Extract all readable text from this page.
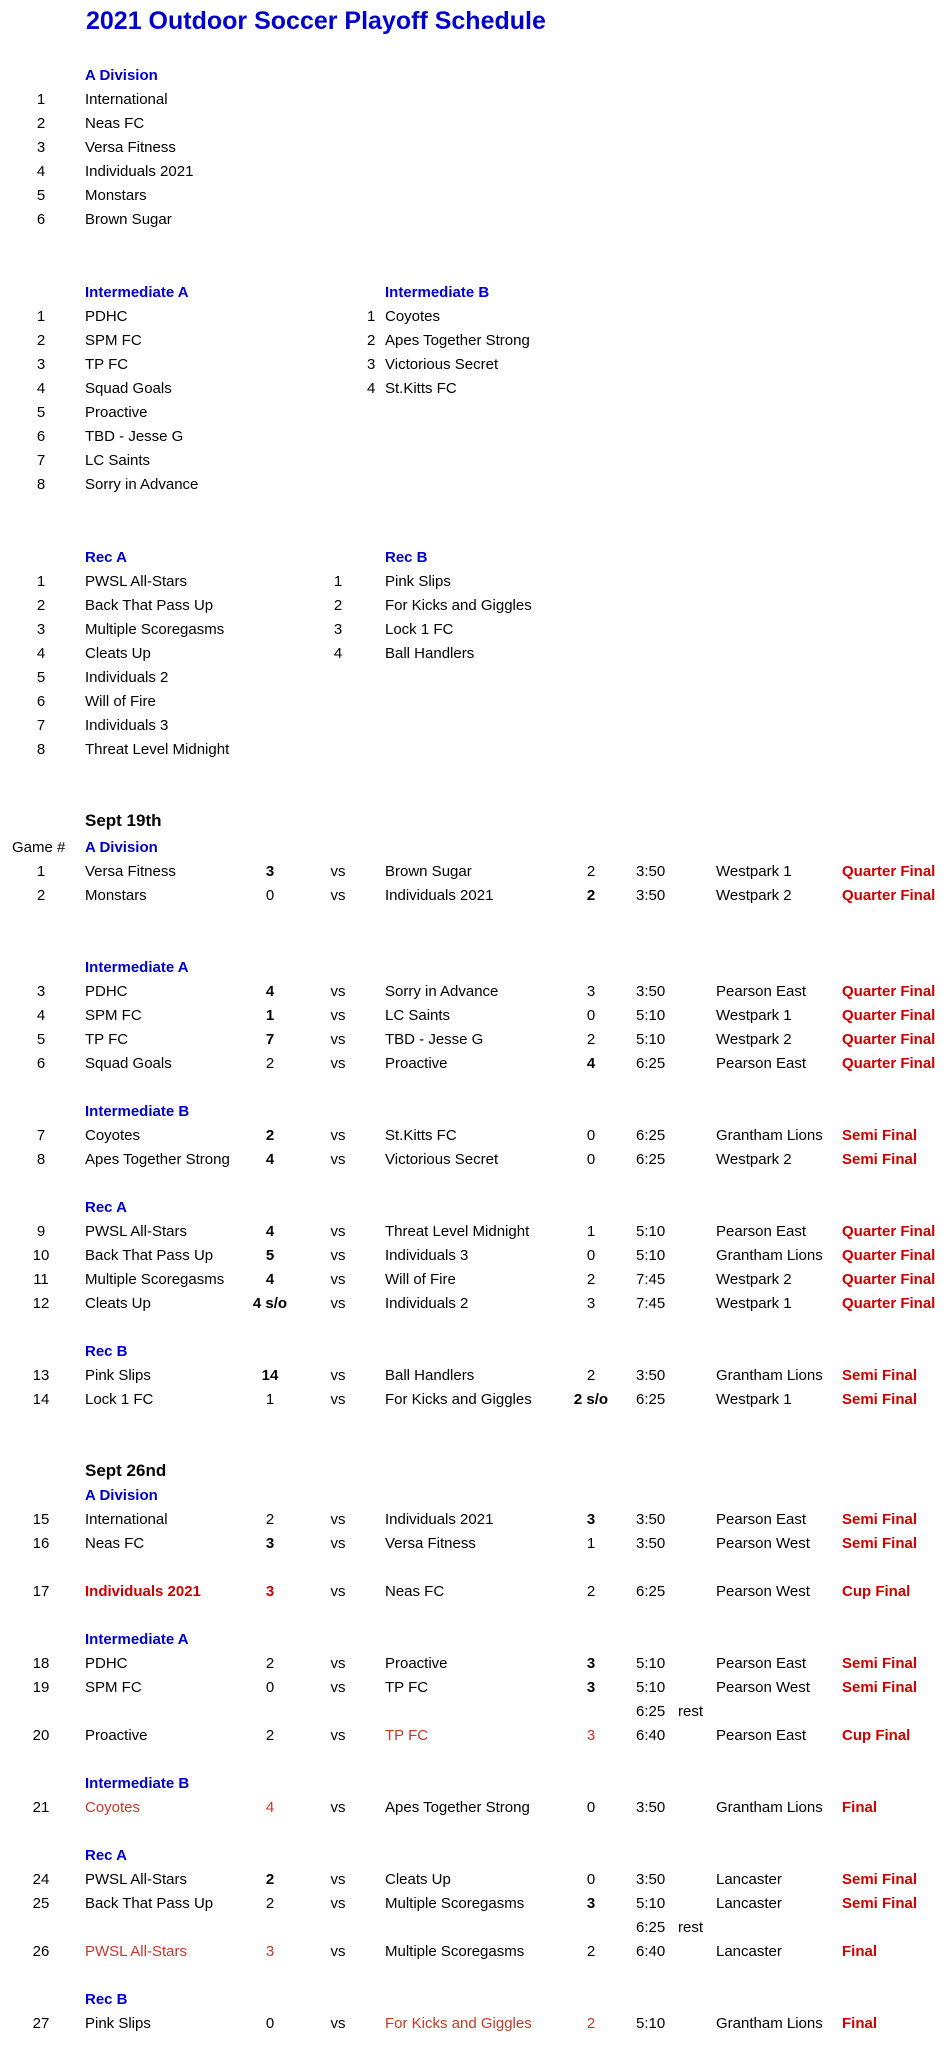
2021 Outdoor Soccer Playoff Schedule
A Division
1	International
2	Neas FC
3	Versa Fitness
4	Individuals 2021
5	Monstars
6	Brown Sugar
Intermediate A
1	PDHC
2	SPM FC
3	TP FC
4	Squad Goals
5	Proactive
6	TBD - Jesse G
7	LC Saints
8	Sorry in Advance
Intermediate B
1 Coyotes
2 Apes Together Strong
3 Victorious Secret
4 St.Kitts FC
Rec A
1	PWSL All-Stars
2	Back That Pass Up
3	Multiple Scoregasms
4	Cleats Up
5	Individuals 2
6	Will of Fire
7	Individuals 3
8	Threat Level Midnight
Rec B
1	Pink Slips
2	For Kicks and Giggles
3	Lock 1 FC
4	Ball Handlers
Sept 19th
Game # A Division
1	Versa Fitness	3	vs	Brown Sugar	2	3:50	Westpark 1	Quarter Final
2	Monstars	0	vs	Individuals 2021	2	3:50	Westpark 2	Quarter Final
Intermediate A
3	PDHC	4	vs	Sorry in Advance	3	3:50	Pearson East Quarter Final
4	SPM FC	1	vs	LC Saints	0	5:10	Westpark 1	Quarter Final
5	TP FC	7	vs	TBD - Jesse G	2	5:10	Westpark 2	Quarter Final
6	Squad Goals	2	vs	Proactive	4	6:25	Pearson East Quarter Final
Intermediate B
7	Coyotes	2	vs	St.Kitts FC	0	6:25	Grantham Lions Semi Final
8	Apes Together Strong	4	vs	Victorious Secret	0	6:25	Westpark 2	Semi Final
Rec A
9	PWSL All-Stars	4	vs	Threat Level Midnight	1	5:10	Pearson East Quarter Final
10	Back That Pass Up	5	vs	Individuals 3	0	5:10	Grantham Lions Quarter Final
11	Multiple Scoregasms	4	vs	Will of Fire	2	7:45	Westpark 2	Quarter Final
12	Cleats Up	4 s/o	vs	Individuals 2	3	7:45	Westpark 1	Quarter Final
Rec B
13	Pink Slips	14	vs	Ball Handlers	2	3:50	Grantham Lions Semi Final
14	Lock 1 FC	1	vs	For Kicks and Giggles	2 s/o	6:25	Westpark 1	Semi Final
Sept 26nd
A Division
15	International	2	vs	Individuals 2021	3	3:50	Pearson East Semi Final
16	Neas FC	3	vs	Versa Fitness	1	3:50	Pearson West Semi Final
17	Individuals 2021	3	vs	Neas FC	2	6:25	Pearson West Cup Final
Intermediate A
18	PDHC	2	vs	Proactive	3	5:10	Pearson East Semi Final
19	SPM FC	0	vs	TP FC	3	5:10	Pearson West Semi Final
6:25 rest
20	Proactive	2	vs	TP FC	3	6:40	Pearson East Cup Final
Intermediate B
21	Coyotes	4	vs	Apes Together Strong	0	3:50	Grantham Lions Final
Rec A
24	PWSL All-Stars	2	vs	Cleats Up	0	3:50	Lancaster	Semi Final
25	Back That Pass Up	2	vs	Multiple Scoregasms	3	5:10	Lancaster	Semi Final
6:25 rest
26	PWSL All-Stars	3	vs	Multiple Scoregasms	2	6:40	Lancaster	Final
Rec B
27	Pink Slips	0	vs	For Kicks and Giggles	2	5:10	Grantham Lions Final
